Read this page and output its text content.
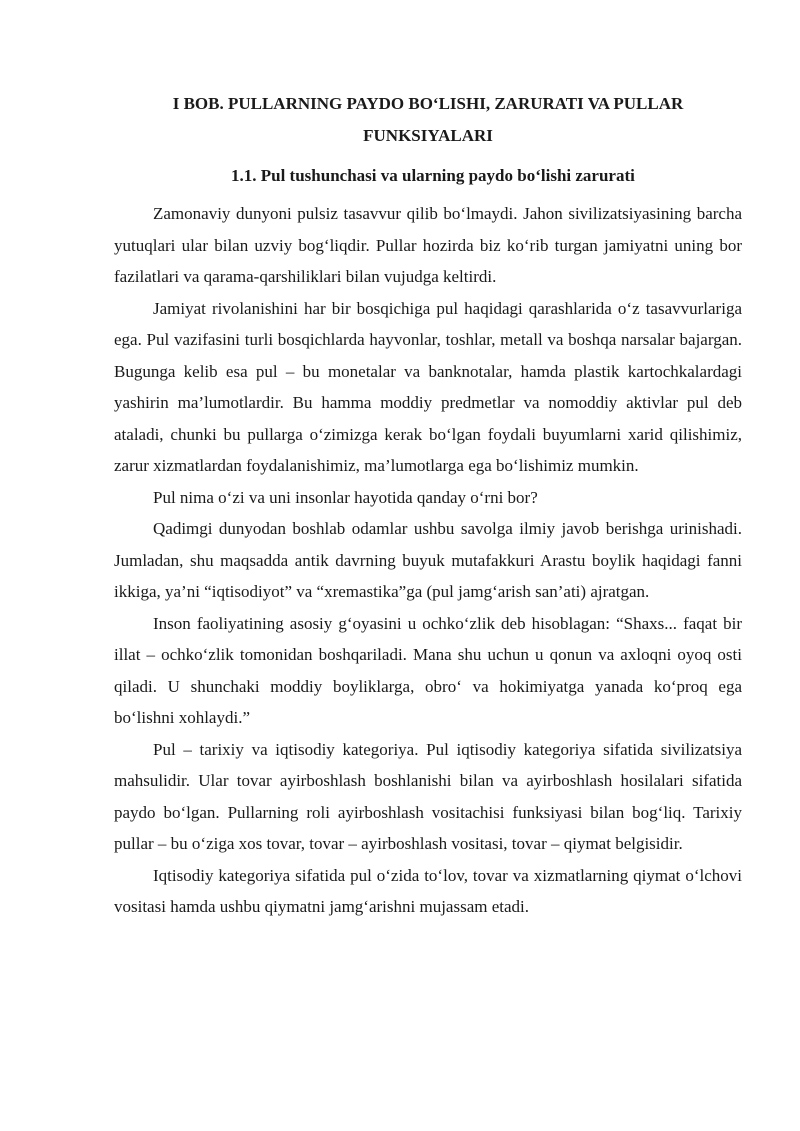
I BOB. PULLARNING PAYDO BO‘LISHI, ZARURATI VA PULLAR FUNKSIYALARI
1.1. Pul tushunchasi va ularning paydo bo‘lishi zarurati

Zamonaviy dunyoni pulsiz tasavvur qilib bo‘lmaydi. Jahon sivilizatsiyasining barcha yutuqlari ular bilan uzviy bog‘liqdir. Pullar hozirda biz ko‘rib turgan jamiyatni uning bor fazilatlari va qarama-qarshiliklari bilan vujudga keltirdi.

Jamiyat rivolanishini har bir bosqichiga pul haqidagi qarashlarida o‘z tasavvurlariga ega. Pul vazifasini turli bosqichlarda hayvonlar, toshlar, metall va boshqa narsalar bajargan. Bugunga kelib esa pul – bu monetalar va banknotalar, hamda plastik kartochkalardagi yashirin ma’lumotlardir. Bu hamma moddiy predmetlar va nomoddiy aktivlar pul deb ataladi, chunki bu pullarga o‘zimizga kerak bo‘lgan foydali buyumlarni xarid qilishimiz, zarur xizmatlardan foydalanishimiz, ma’lumotlarga ega bo‘lishimiz mumkin.

Pul nima o‘zi va uni insonlar hayotida qanday o‘rni bor?

Qadimgi dunyodan boshlab odamlar ushbu savolga ilmiy javob berishga urinishadi. Jumladan, shu maqsadda antik davrning buyuk mutafakkuri Arastu boylik haqidagi fanni ikkiga, ya’ni “iqtisodiyot” va “xremastika”ga (pul jamg‘arish san’ati) ajratgan.

Inson faoliyatining asosiy g‘oyasini u ochko‘zlik deb hisoblagan: “Shaxs... faqat bir illat – ochko‘zlik tomonidan boshqariladi. Mana shu uchun u qonun va axloqni oyoq osti qiladi. U shunchaki moddiy boyliklarga, obro‘ va hokimiyatga yanada ko‘proq ega bo‘lishni xohlaydi.”

Pul – tarixiy va iqtisodiy kategoriya. Pul iqtisodiy kategoriya sifatida sivilizatsiya mahsulidir. Ular tovar ayirboshlash boshlanishi bilan va ayirboshlash hosilalari sifatida paydo bo‘lgan. Pullarning roli ayirboshlash vositachisi funksiyasi bilan bog‘liq. Tarixiy pullar – bu o‘ziga xos tovar, tovar – ayirboshlash vositasi, tovar – qiymat belgisidir.

Iqtisodiy kategoriya sifatida pul o‘zida to‘lov, tovar va xizmatlarning qiymat o‘lchovi vositasi hamda ushbu qiymatni jamg‘arishni mujassam etadi.
